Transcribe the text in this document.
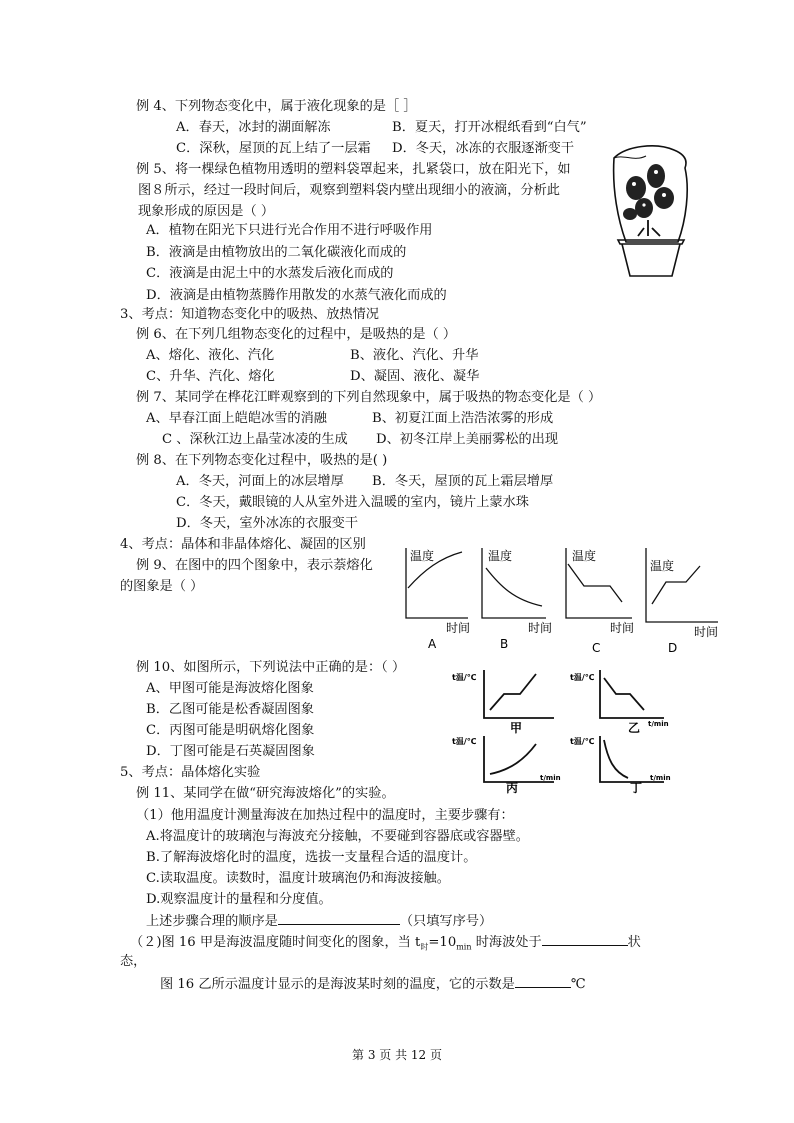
例 4、下列物态变化中，属于液化现象的是［ ］
A．春天，冰封的湖面解冻	B．夏天，打开冰棍纸看到“白气”
C．深秋，屋顶的瓦上结了一层霜 D．冬天，冰冻的衣服逐渐变干
例 5、将一棵绿色植物用透明的塑料袋罩起来，扎紧袋口，放在阳光下，如
图８所示，经过一段时间后，观察到塑料袋内壁出现细小的液滴，分析此
现象形成的原因是（ ）
A．植物在阳光下只进行光合作用不进行呼吸作用
B．液滴是由植物放出的二氧化碳液化而成的
C．液滴是由泥土中的水蒸发后液化而成的
D．液滴是由植物蒸腾作用散发的水蒸气液化而成的
3、考点：知道物态变化中的吸热、放热情况
例 6、在下列几组物态变化的过程中，是吸热的是（ ）
A、熔化、液化、汽化	B、液化、汽化、升华
C、升华、汽化、熔化	D、凝固、液化、凝华
例 7、某同学在桦花江畔观察到的下列自然现象中，属于吸热的物态变化是（ ）
A、早春江面上皑皑冰雪的消融	B、初夏江面上浩浩浓雾的形成
C 、深秋江边上晶莹冰凌的生成 D、初冬江岸上美丽雾松的出现
例 8、在下列物态变化过程中，吸热的是( )
A．冬天，河面上的冰层增厚 B．冬天，屋顶的瓦上霜层增厚
C．冬天，戴眼镜的人从室外进入温暖的室内，镜片上蒙水珠
D．冬天，室外冰冻的衣服变干
4、考点：晶体和非晶体熔化、凝固的区别
例 9、在图中的四个图象中，表示萘熔化
的图象是（ ）
温度
时间
A
温度
时间
B
温度
时间
C
温度
时间
D
例 10、如图所示，下列说法中正确的是：（ ）
A、甲图可能是海波熔化图象
B．乙图可能是松香凝固图象
C．丙图可能是明矾熔化图象
D．丁图可能是石英凝固图象
t温/℃
甲
t温/℃
t/min
乙
t温/℃
t/min
丙
t温/℃
t/min
丁
5、考点：晶体熔化实验
例 11、某同学在做“研究海波熔化”的实验。
（1）他用温度计测量海波在加热过程中的温度时，主要步骤有：
A.将温度计的玻璃泡与海波充分接触，不要碰到容器底或容器壁。
B.了解海波熔化时的温度，选拔一支量程合适的温度计。
C.读取温度。读数时，温度计玻璃泡仍和海波接触。
D.观察温度计的量程和分度值。
上述步骤合理的顺序是	（只填写序号）
（２)图 16 甲是海波温度随时间变化的图象，当 $t_时=10_{min}$ 时海波处于	状
态，
图 16 乙所示温度计显示的是海波某时刻的温度，它的示数是	℃
第 3 页 共 12 页
